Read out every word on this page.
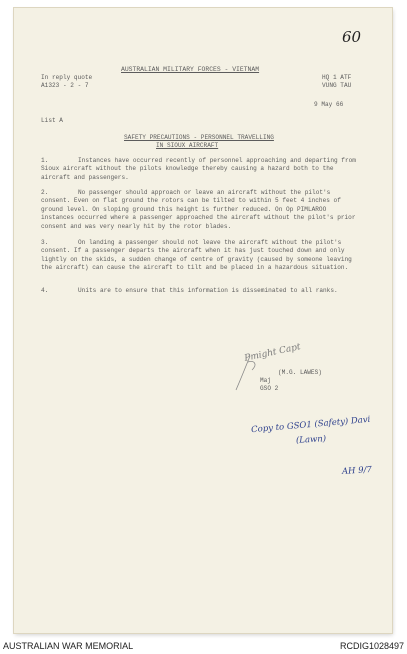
60
AUSTRALIAN MILITARY FORCES - VIETNAM
In reply quote
A1323 - 2 - 7
HQ 1 ATF
VUNG TAU
9 May 66
List A
SAFETY PRECAUTIONS - PERSONNEL TRAVELLING
IN SIOUX AIRCRAFT
1.	Instances have occurred recently of personnel approaching and departing from Sioux aircraft without the pilots knowledge thereby causing a hazard both to the aircraft and passengers.
2.	No passenger should approach or leave an aircraft without the pilot's consent. Even on flat ground the rotors can be tilted to within 5 feet 4 inches of ground level. On sloping ground this height is further reduced. On Op PIMLAROO instances occurred where a passenger approached the aircraft without the pilot's prior consent and was very nearly hit by the rotor blades.
3.	On landing a passenger should not leave the aircraft without the pilot's consent. If a passenger departs the aircraft when it has just touched down and only lightly on the skids, a sudden change of centre of gravity (caused by someone leaving the aircraft) can cause the aircraft to tilt and be placed in a hazardous situation.
4.	Units are to ensure that this information is disseminated to all ranks.
Pmight Capt
(M.G. LAWES)
Maj
GSO 2
Copy to GSO1 (Safety) Davi
(Lawn)
AH 9/7
AUSTRALIAN WAR MEMORIAL	RCDIG1028497
